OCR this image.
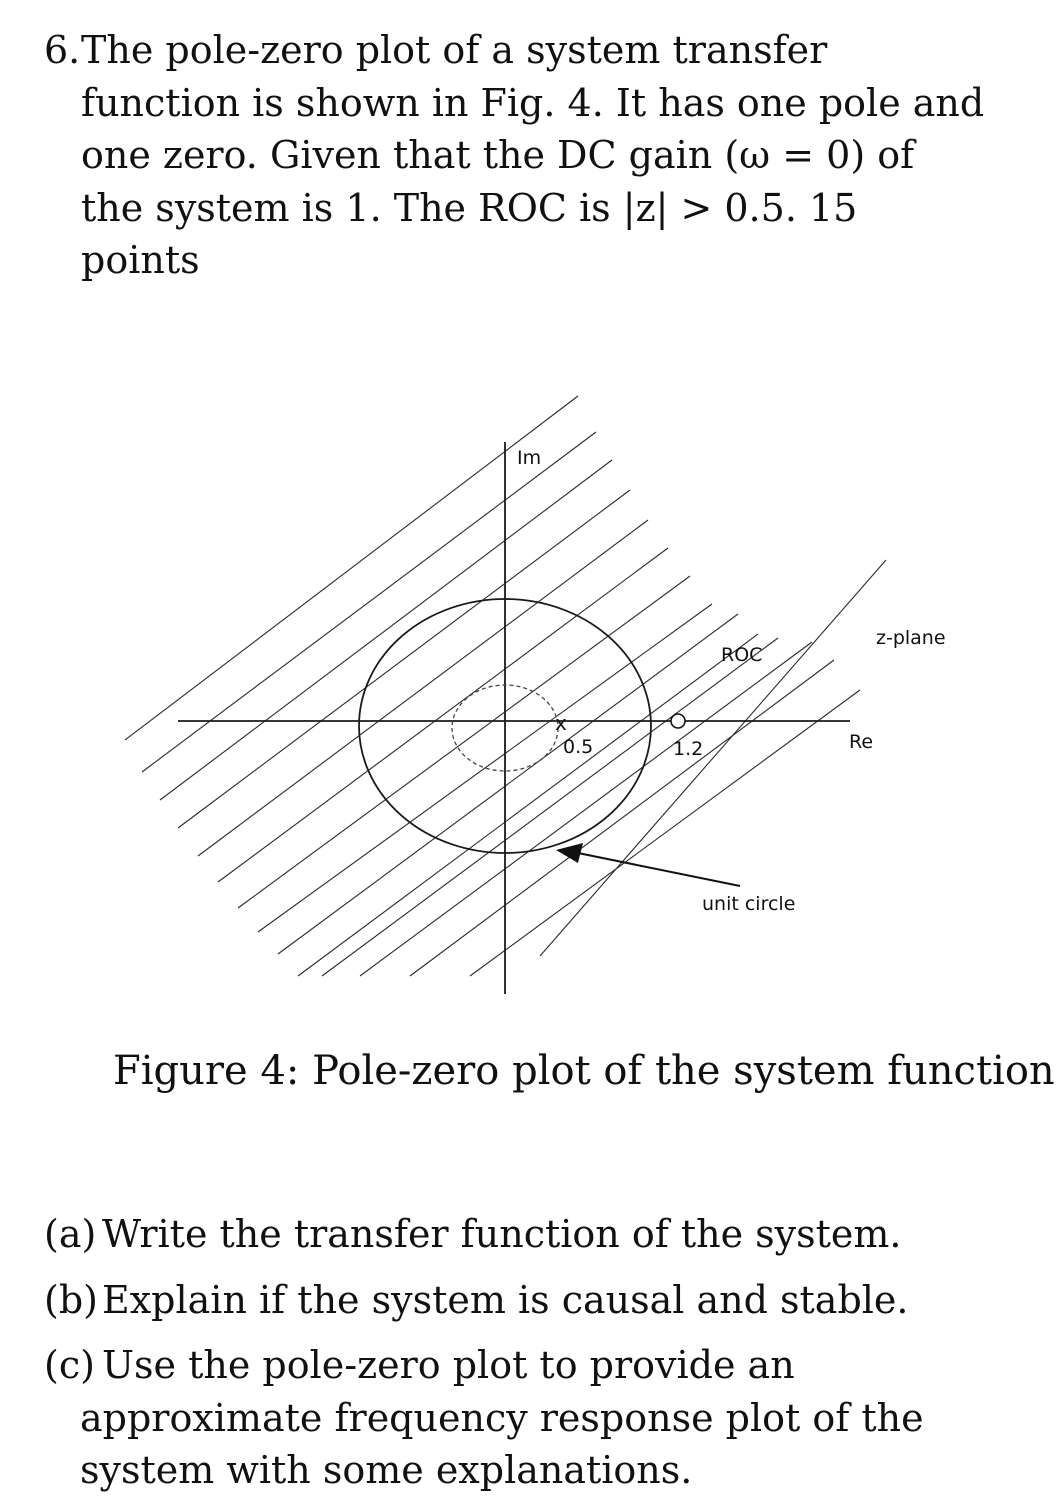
6. The pole-zero plot of a system transfer
function is shown in Fig. 4. It has one pole and
one zero. Given that the DC gain (ω = 0) of
the system is 1. The ROC is |z| > 0.5. 15
points
x
Im
z-plane
ROC
Re
0.5	1.2
unit circle
Figure 4: Pole-zero plot of the system function
(a) Write the transfer function of the system.
(b) Explain if the system is causal and stable.
(c) Use the pole-zero plot to provide an
approximate frequency response plot of the
system with some explanations.
